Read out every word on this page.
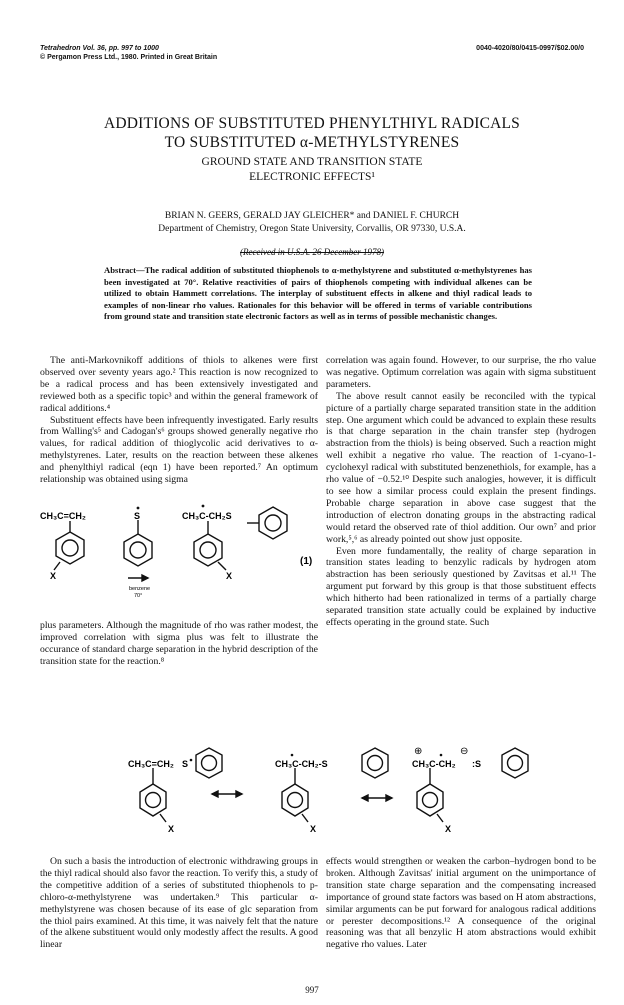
Tetrahedron Vol. 36, pp. 997 to 1000
© Pergamon Press Ltd., 1980. Printed in Great Britain
0040-4020/80/0415-0997/$02.00/0
ADDITIONS OF SUBSTITUTED PHENYLTHIYL RADICALS
TO SUBSTITUTED α-METHYLSTYRENES
GROUND STATE AND TRANSITION STATE
ELECTRONIC EFFECTS¹
BRIAN N. GEERS, GERALD JAY GLEICHER* and DANIEL F. CHURCH
Department of Chemistry, Oregon State University, Corvallis, OR 97330, U.S.A.
(Received in U.S.A. 26 December 1978)
Abstract—The radical addition of substituted thiophenols to α-methylstyrene and substituted α-methylstyrenes has been investigated at 70°. Relative reactivities of pairs of thiophenols competing with individual alkenes can be utilized to obtain Hammett correlations. The interplay of substituent effects in alkene and thiyl radical leads to examples of non-linear rho values. Rationales for this behavior will be offered in terms of variable contributions from ground state and transition state electronic factors as well as in terms of possible mechanistic changes.

The anti-Markovnikoff additions of thiols to alkenes were first observed over seventy years ago.² This reaction is now recognized to be a radical process and has been extensively investigated and reviewed both as a specific topic³ and within the general framework of radical additions.⁴

Substituent effects have been infrequently investigated. Early results from Walling's⁵ and Cadogan's⁶ groups showed generally negative rho values, for radical addition of thioglycolic acid derivatives to α-methylstyrenes. Later, results on the reaction between these alkenes and phenylthiyl radical (eqn 1) have been reported.⁷ An optimum relationship was obtained using sigma

CH₃C=CH₂	S	CH₃C-CH₂S
X	X
benzene
70°
(1)

plus parameters. Although the magnitude of rho was rather modest, the improved correlation with sigma plus was felt to illustrate the occurance of standard charge separation in the hybrid description of the transition state for the reaction.⁸

correlation was again found. However, to our surprise, the rho value was negative. Optimum correlation was again with sigma substituent parameters.

The above result cannot easily be reconciled with the typical picture of a partially charge separated transition state in the addition step. One argument which could be advanced to explain these results is that charge separation in the chain transfer step (hydrogen abstraction from the thiols) is being observed. Such a reaction might well exhibit a negative rho value. The reaction of 1-cyano-1-cyclohexyl radical with substituted benzenethiols, for example, has a rho value of −0.52.¹⁰ Despite such analogies, however, it is difficult to see how a similar process could explain the present findings. Probable charge separation in above case suggest that the introduction of electron donating groups in the abstracting radical would retard the observed rate of thiol addition. Our own⁷ and prior work,⁵,⁶ as already pointed out show just opposite.

Even more fundamentally, the reality of charge separation in transition states leading to benzylic radicals by hydrogen atom abstraction has been seriously questioned by Zavitsas et al.¹¹ The argument put forward by this group is that those substituent effects which hitherto had been rationalized in terms of a partially charge separated transition state actually could be explained by inductive effects operating in the ground state. Such

CH₃C=CH₂ S	CH₃C-CH₂-S	CH₃C-CH₂ :S
⊕	⊖
X	X	X

On such a basis the introduction of electronic withdrawing groups in the thiyl radical should also favor the reaction. To verify this, a study of the competitive addition of a series of substituted thiophenols to p-chloro-α-methylstyrene was undertaken.⁹ This particular α-methylstyrene was chosen because of its ease of glc separation from the thiol pairs examined. At this time, it was naively felt that the nature of the alkene substituent would only modestly affect the results. A good linear

effects would strengthen or weaken the carbon–hydrogen bond to be broken. Although Zavitsas' initial argument on the unimportance of transition state charge separation and the compensating increased importance of ground state factors was based on H atom abstractions, similar arguments can be put forward for analogous radical additions or perester decompositions.¹² A consequence of the original reasoning was that all benzylic H atom abstractions would exhibit negative rho values. Later

997
